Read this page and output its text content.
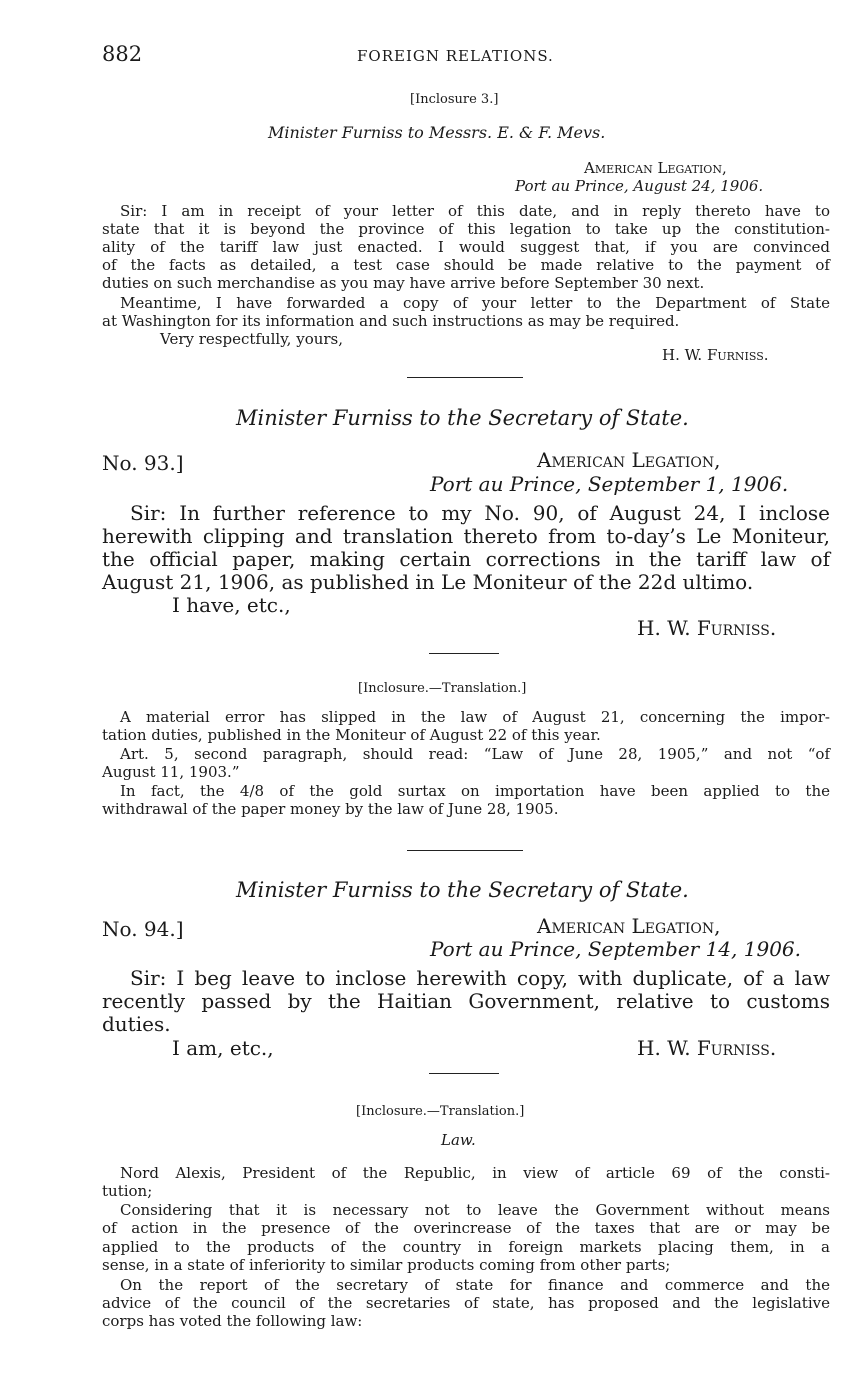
882	FOREIGN RELATIONS.
[Inclosure 3.]
Minister Furniss to Messrs. E. & F. Mevs.
American Legation,
Port au Prince, August 24, 1906.
Sir: I am in receipt of your letter of this date, and in reply thereto have to
state that it is beyond the province of this legation to take up the constitution-
ality of the tariff law just enacted. I would suggest that, if you are convinced
of the facts as detailed, a test case should be made relative to the payment of
duties on such merchandise as you may have arrive before September 30 next.
Meantime, I have forwarded a copy of your letter to the Department of State
at Washington for its information and such instructions as may be required.
Very respectfully, yours,
H. W. Furniss.
Minister Furniss to the Secretary of State.
No. 93.]	American Legation,
Port au Prince, September 1, 1906.
Sir: In further reference to my No. 90, of August 24, I inclose
herewith clipping and translation thereto from to-day’s Le Moniteur,
the official paper, making certain corrections in the tariff law of
August 21, 1906, as published in Le Moniteur of the 22d ultimo.
I have, etc.,
H. W. Furniss.
[Inclosure.—Translation.]
A material error has slipped in the law of August 21, concerning the impor-
tation duties, published in the Moniteur of August 22 of this year.
Art. 5, second paragraph, should read: “Law of June 28, 1905,” and not “of
August 11, 1903.”
In fact, the 4/8 of the gold surtax on importation have been applied to the
withdrawal of the paper money by the law of June 28, 1905.
Minister Furniss to the Secretary of State.
No. 94.]	American Legation,
Port au Prince, September 14, 1906.
Sir: I beg leave to inclose herewith copy, with duplicate, of a law
recently passed by the Haitian Government, relative to customs
duties.
I am, etc.,	H. W. Furniss.
[Inclosure.—Translation.]
Law.
Nord Alexis, President of the Republic, in view of article 69 of the consti-
tution;
Considering that it is necessary not to leave the Government without means
of action in the presence of the overincrease of the taxes that are or may be
applied to the products of the country in foreign markets placing them, in a
sense, in a state of inferiority to similar products coming from other parts;
On the report of the secretary of state for finance and commerce and the
advice of the council of the secretaries of state, has proposed and the legislative
corps has voted the following law:
